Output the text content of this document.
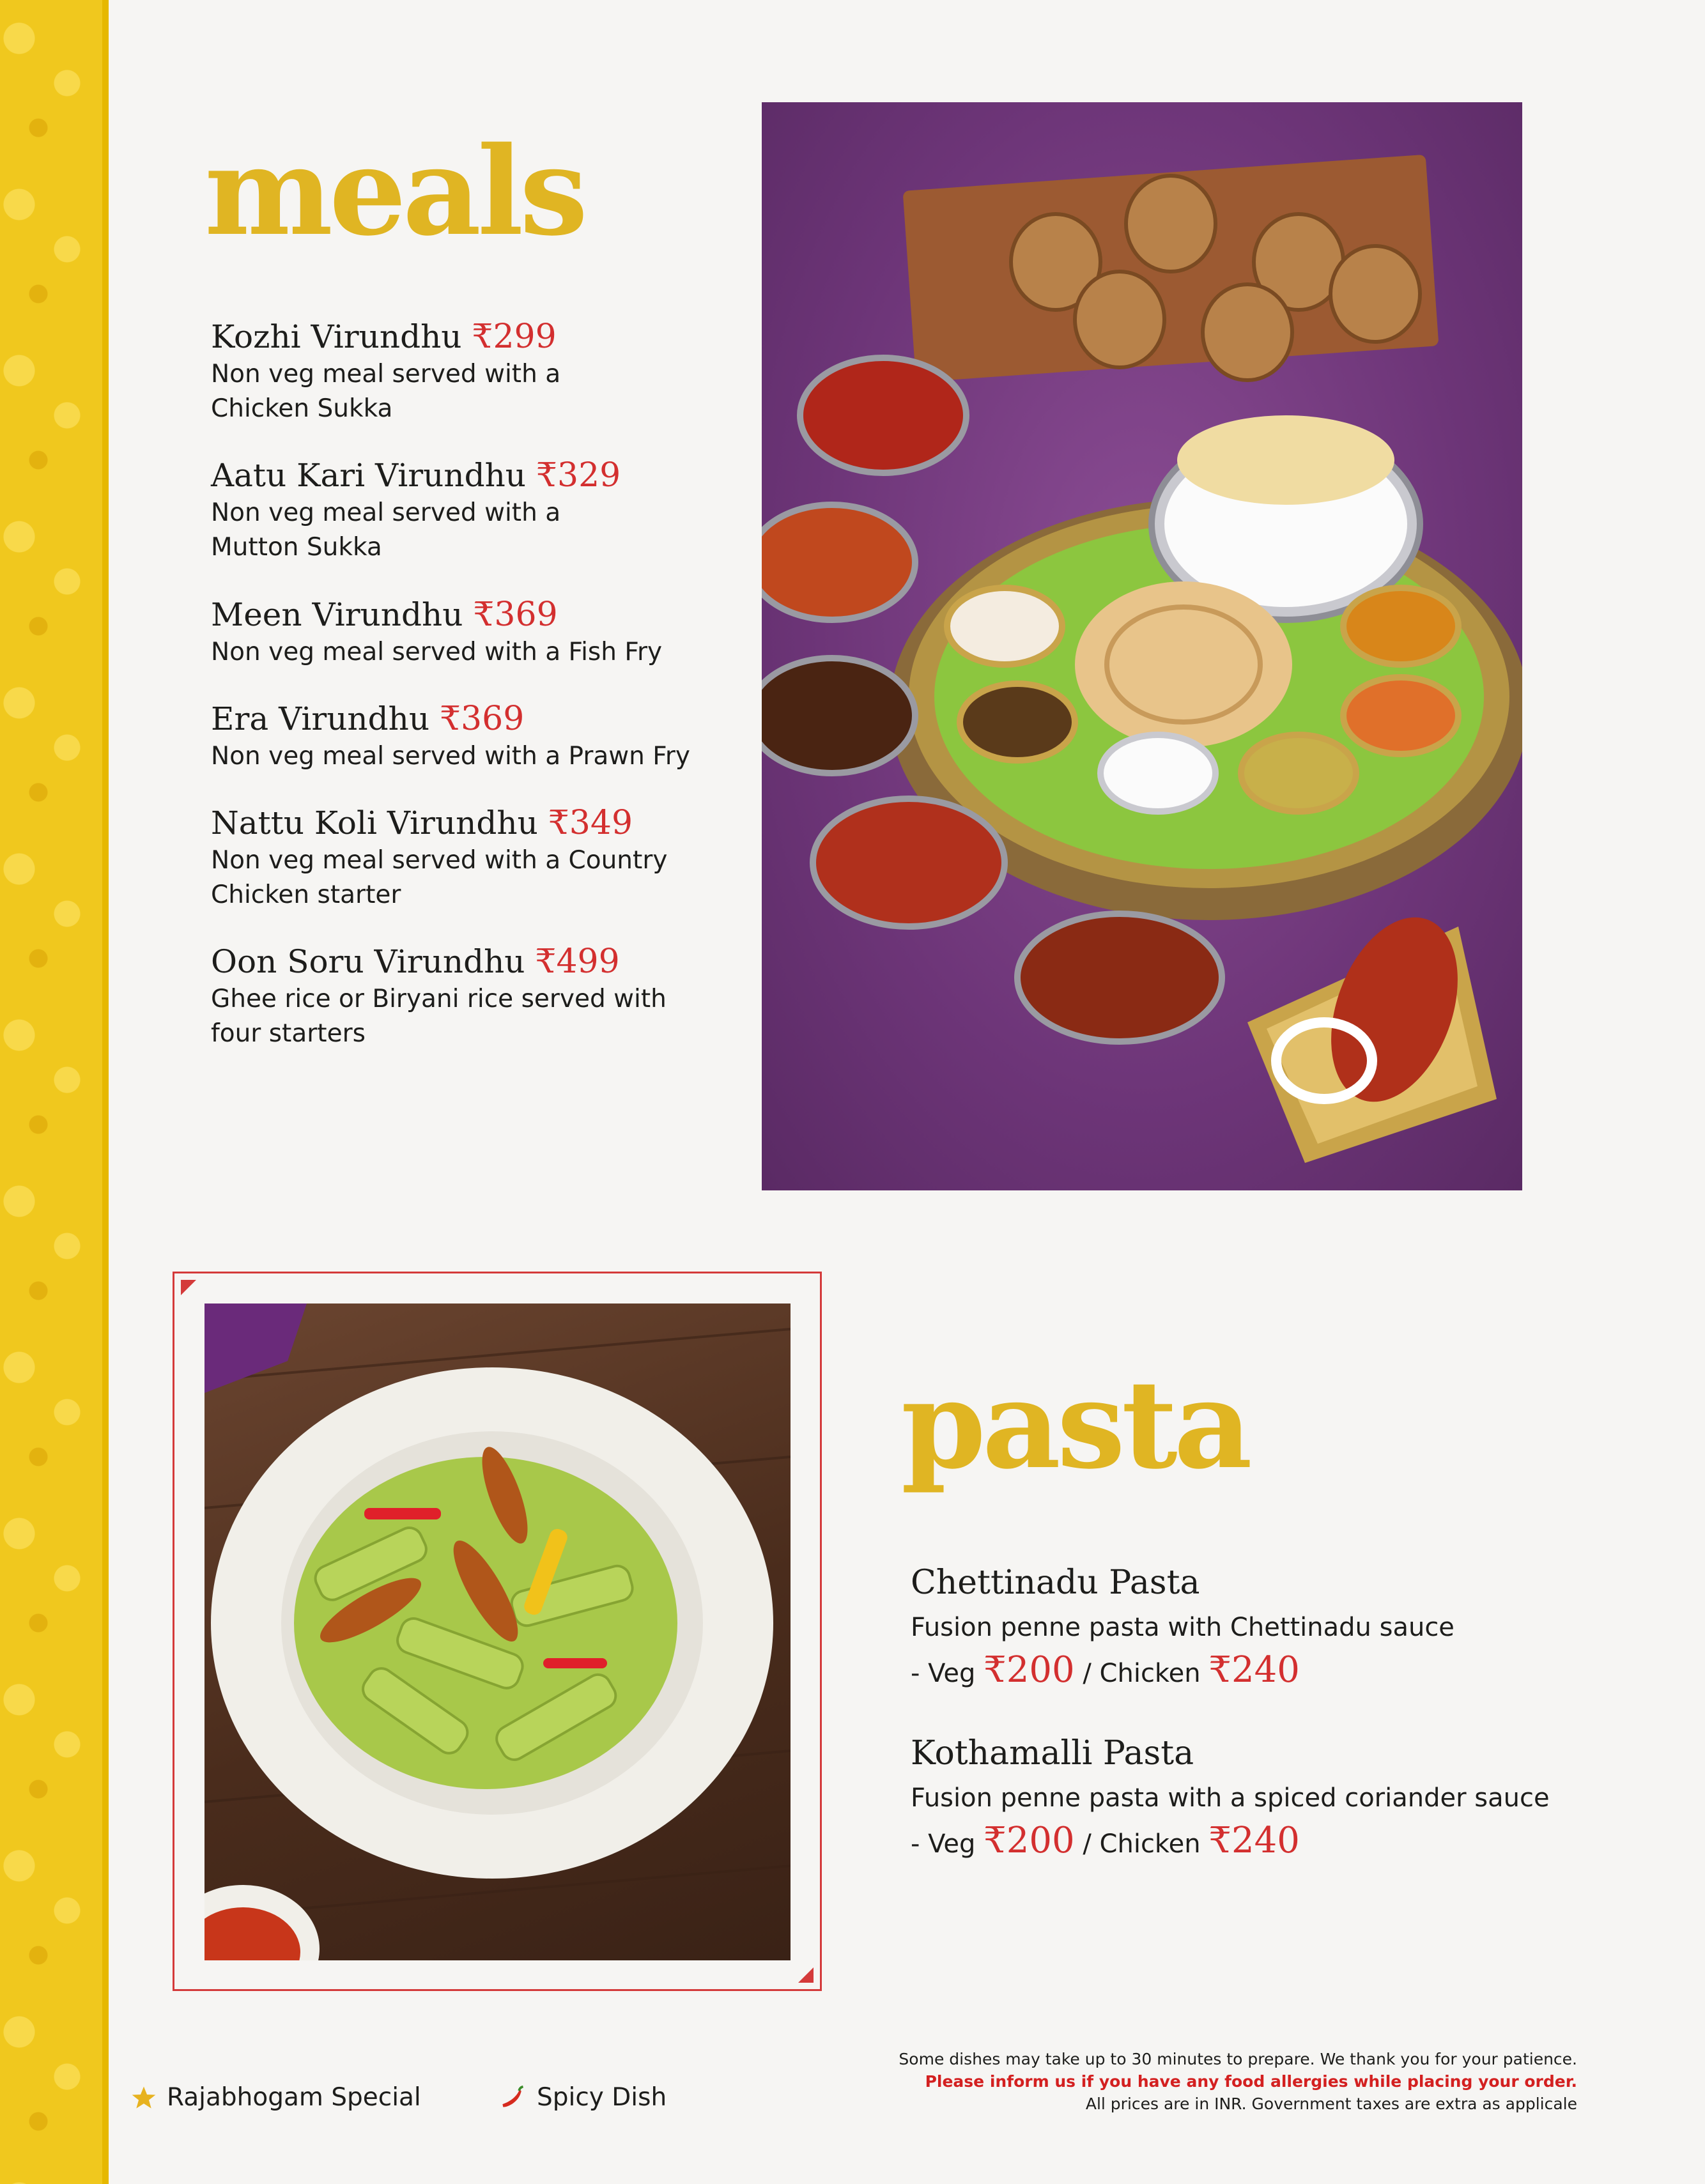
meals
Kozhi Virundhu ₹299
Non veg meal served with a
Chicken Sukka
Aatu Kari Virundhu ₹329
Non veg meal served with a
Mutton Sukka
Meen Virundhu ₹369
Non veg meal served with a Fish Fry
Era Virundhu ₹369
Non veg meal served with a Prawn Fry
Nattu Koli Virundhu ₹349
Non veg meal served with a Country
Chicken starter
Oon Soru Virundhu ₹499
Ghee rice or Biryani rice served with
four starters
pasta
Chettinadu Pasta
Fusion penne pasta with Chettinadu sauce
- Veg ₹200 / Chicken ₹240
Kothamalli Pasta
Fusion penne pasta with a spiced coriander sauce
- Veg ₹200 / Chicken ₹240
Rajabhogam Special	Spicy Dish
Some dishes may take up to 30 minutes to prepare. We thank you for your patience.
Please inform us if you have any food allergies while placing your order.
All prices are in INR. Government taxes are extra as applicale
